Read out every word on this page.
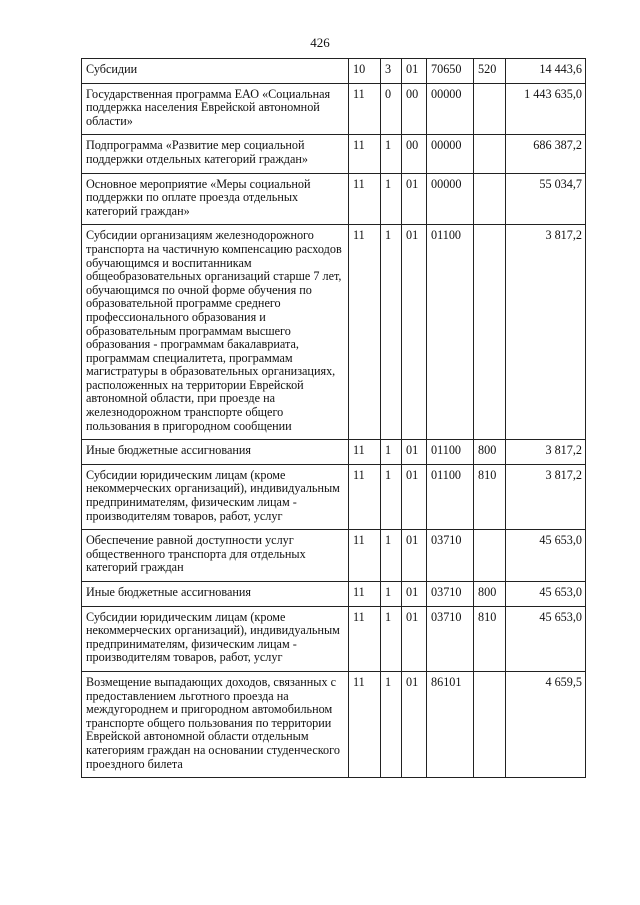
426
Субсидии	10	3	01	70650	520	14 443,6
Государственная программа ЕАО «Социальная поддержка населения Еврейской автономной области»	11	0	00	00000		1 443 635,0
Подпрограмма «Развитие мер социальной поддержки отдельных категорий граждан»	11	1	00	00000		686 387,2
Основное мероприятие «Меры социальной поддержки по оплате проезда отдельных категорий граждан»	11	1	01	00000		55 034,7
Субсидии организациям железнодорожного транспорта на частичную компенсацию расходов обучающимся и воспитанникам общеобразовательных организаций старше 7 лет, обучающимся по очной форме обучения по образовательной программе среднего профессионального образования и образовательным программам высшего образования - программам бакалавриата, программам специалитета, программам магистратуры в образовательных организациях, расположенных на территории Еврейской автономной области, при проезде на железнодорожном транспорте общего пользования в пригородном сообщении	11	1	01	01100		3 817,2
Иные бюджетные ассигнования	11	1	01	01100	800	3 817,2
Субсидии юридическим лицам (кроме некоммерческих организаций), индивидуальным предпринимателям, физическим лицам - производителям товаров, работ, услуг	11	1	01	01100	810	3 817,2
Обеспечение равной доступности услуг общественного транспорта для отдельных категорий граждан	11	1	01	03710		45 653,0
Иные бюджетные ассигнования	11	1	01	03710	800	45 653,0
Субсидии юридическим лицам (кроме некоммерческих организаций), индивидуальным предпринимателям, физическим лицам - производителям товаров, работ, услуг	11	1	01	03710	810	45 653,0
Возмещение выпадающих доходов, связанных с предоставлением льготного проезда на междугороднем и пригородном автомобильном транспорте общего пользования по территории Еврейской автономной области отдельным категориям граждан на основании студенческого проездного билета	11	1	01	86101		4 659,5
